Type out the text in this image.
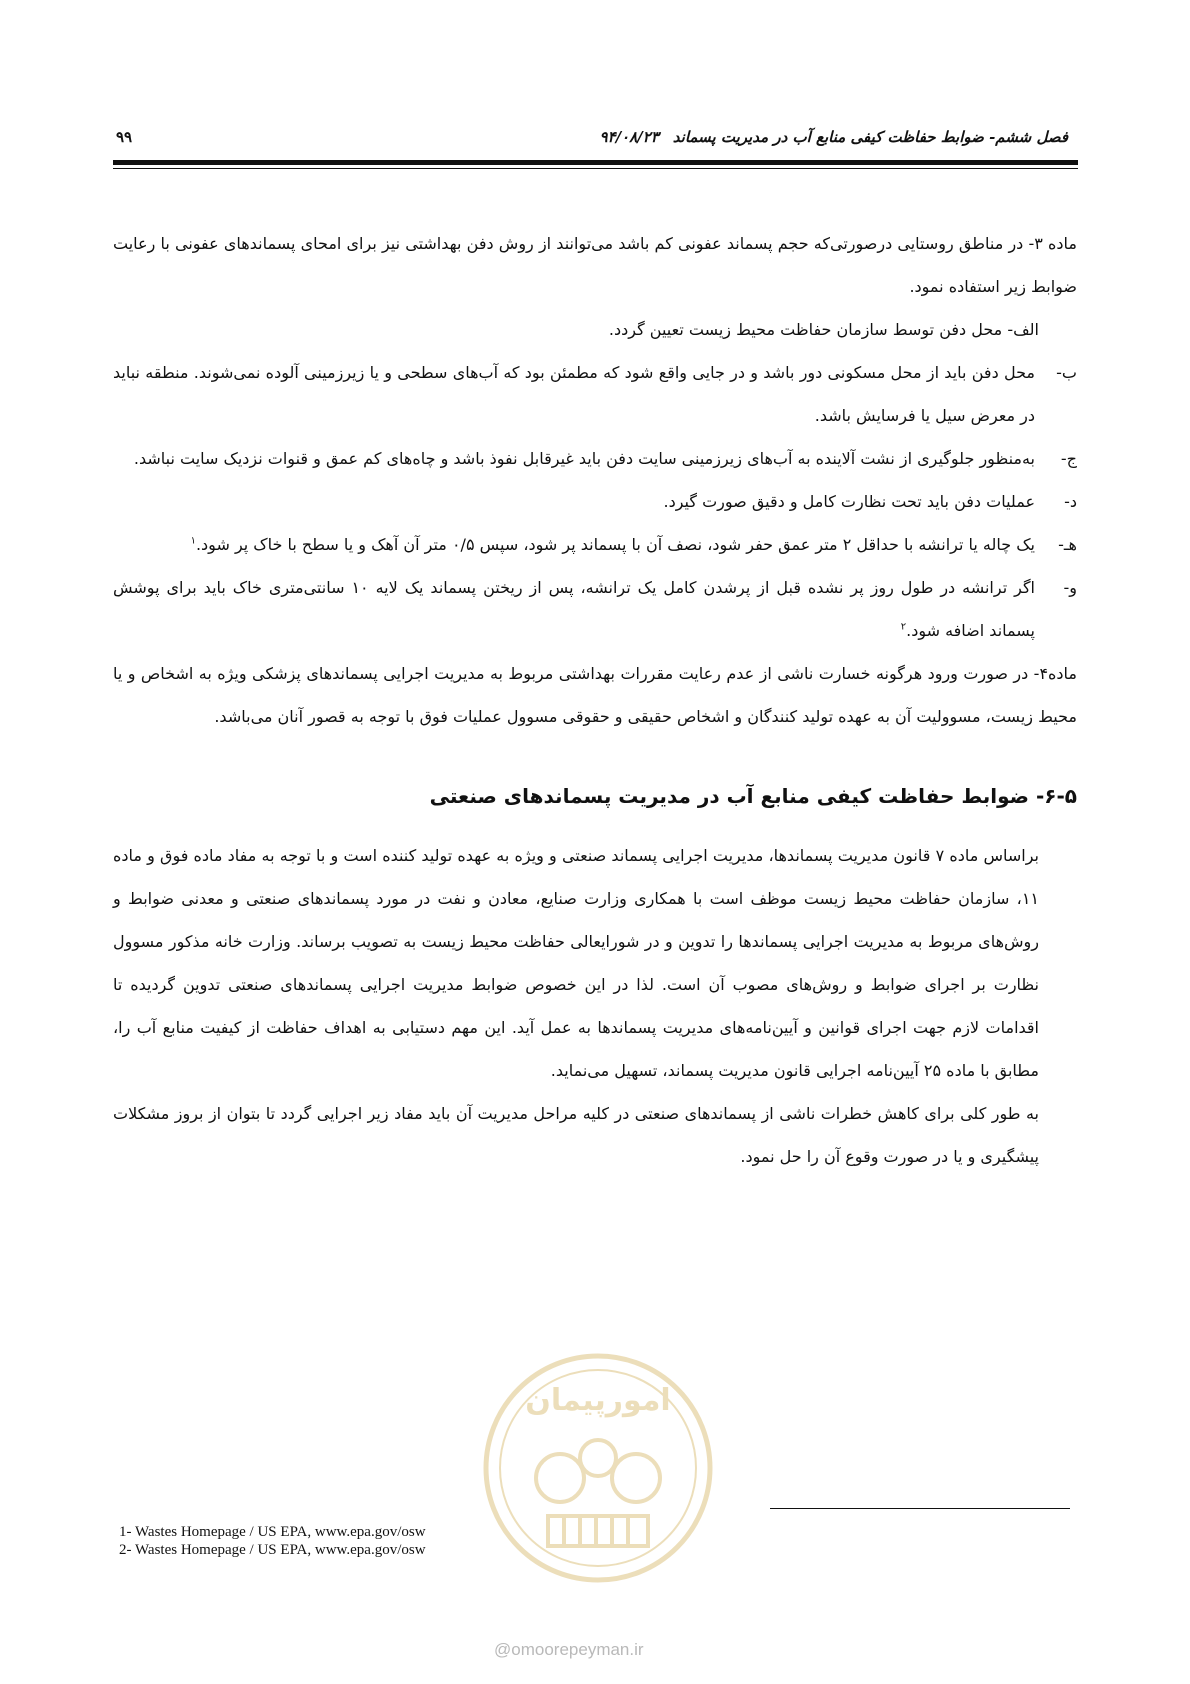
فصل ششم- ضوابط حفاظت کیفی منابع آب در مدیریت پسماند۹۴/۰۸/۲۳
۹۹

ماده ۳- در مناطق روستایی درصورتی‌که حجم پسماند عفونی کم باشد می‌توانند از روش دفن بهداشتی نیز برای امحای پسماندهای عفونی با رعایت ضوابط زیر استفاده نمود.

الف- محل دفن توسط سازمان حفاظت محیط زیست تعیین گردد.

ب-
محل دفن باید از محل مسکونی دور باشد و در جایی واقع شود که مطمئن بود که آب‌های سطحی و یا زیرزمینی آلوده نمی‌شوند. منطقه نباید در معرض سیل یا فرسایش باشد.
ج-
به‌منظور جلوگیری از نشت آلاینده به آب‌های زیرزمینی سایت دفن باید غیرقابل نفوذ باشد و چاه‌های کم عمق و قنوات نزدیک سایت نباشد.
د-
عملیات دفن باید تحت نظارت کامل و دقیق صورت گیرد.
هـ-
یک چاله یا ترانشه با حداقل ۲ متر عمق حفر شود، نصف آن با پسماند پر شود، سپس ۰/۵ متر آن آهک و یا سطح با خاک پر شود.$^۱$
و-
اگر ترانشه در طول روز پر نشده قبل از پرشدن کامل یک ترانشه، پس از ریختن پسماند یک لایه ۱۰ سانتی‌متری خاک باید برای پوشش پسماند اضافه شود.$^۲$

ماده۴- در صورت ورود هرگونه خسارت ناشی از عدم رعایت مقررات بهداشتی مربوط به مدیریت اجرایی پسماندهای پزشکی ویژه به اشخاص و یا محیط زیست، مسوولیت آن به عهده تولید کنندگان و اشخاص حقیقی و حقوقی مسوول عملیات فوق با توجه به قصور آنان می‌باشد.

۶-۵- ضوابط حفاظت کیفی منابع آب در مدیریت پسماندهای صنعتی

براساس ماده ۷ قانون مدیریت پسماندها، مدیریت اجرایی پسماند صنعتی و ویژه به عهده تولید کننده است و با توجه به مفاد ماده فوق و ماده ۱۱، سازمان حفاظت محیط زیست موظف است با همکاری وزارت صنایع، معادن و نفت در مورد پسماندهای صنعتی و معدنی ضوابط و روش‌های مربوط به مدیریت اجرایی پسماندها را تدوین و در شورایعالی حفاظت محیط زیست به تصویب برساند. وزارت خانه مذکور مسوول نظارت بر اجرای ضوابط و روش‌های مصوب آن است. لذا در این خصوص ضوابط مدیریت اجرایی پسماندهای صنعتی تدوین گردیده تا اقدامات لازم جهت اجرای قوانین و آیین‌نامه‌های مدیریت پسماندها به عمل آید. این مهم دستیابی به اهداف حفاظت از کیفیت منابع آب را، مطابق با ماده ۲۵ آیین‌نامه اجرایی قانون مدیریت پسماند، تسهیل می‌نماید.

به طور کلی برای کاهش خطرات ناشی از پسماندهای صنعتی در کلیه مراحل مدیریت آن باید مفاد زیر اجرایی گردد تا بتوان از بروز مشکلات پیشگیری و یا در صورت وقوع آن را حل نمود.

امورپیمان
@omoorepeyman.ir
1- Wastes Homepage / US EPA, www.epa.gov/osw
2- Wastes Homepage / US EPA, www.epa.gov/osw
